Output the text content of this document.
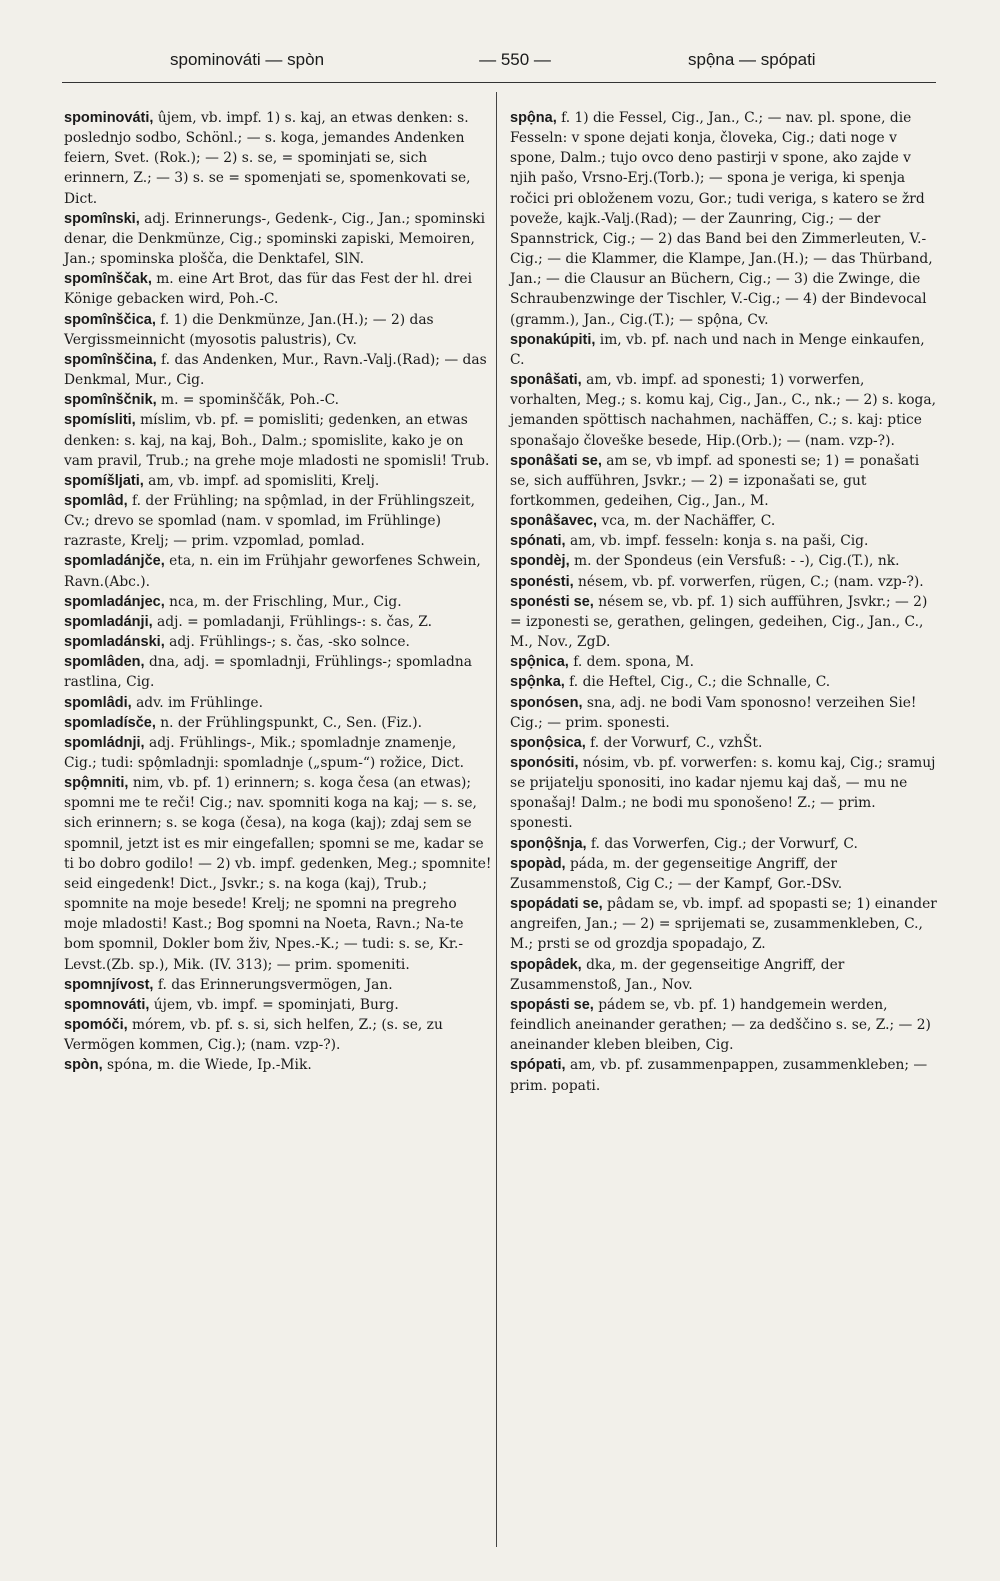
spominováti — spòn	— 550 —	spộna — spópati

spominováti, ûjem, vb. impf. 1) s. kaj, an etwas denken: s. poslednjo sodbo, Schönl.; — s. koga, jemandes Andenken feiern, Svet. (Rok.); — 2) s. se, = spominjati se, sich erinnern, Z.; — 3) s. se = spomenjati se, spomenkovati se, Dict.

spomînski, adj. Erinnerungs-, Gedenk-, Cig., Jan.; spominski denar, die Denkmünze, Cig.; spominski zapiski, Memoiren, Jan.; spominska plošča, die Denktafel, SlN.

spomînščak, m. eine Art Brot, das für das Fest der hl. drei Könige gebacken wird, Poh.-C.

spomînščica, f. 1) die Denkmünze, Jan.(H.); — 2) das Vergissmeinnicht (myosotis palustris), Cv.

spomînščina, f. das Andenken, Mur., Ravn.-Valj.(Rad); — das Denkmal, Mur., Cig.

spomînščnik, m. = spominšča̋k, Poh.-C.

spomísliti, míslim, vb. pf. = pomisliti; gedenken, an etwas denken: s. kaj, na kaj, Boh., Dalm.; spomislite, kako je on vam pravil, Trub.; na grehe moje mladosti ne spomisli! Trub.

spomíšljati, am, vb. impf. ad spomisliti, Krelj.

spomlâd, f. der Frühling; na spộmlad, in der Frühlingszeit, Cv.; drevo se spomlad (nam. v spomlad, im Frühlinge) razraste, Krelj; — prim. vzpomlad, pomlad.

spomladánjče, eta, n. ein im Frühjahr geworfenes Schwein, Ravn.(Abc.).

spomladánjec, nca, m. der Frischling, Mur., Cig.

spomladánji, adj. = pomladanji, Frühlings-: s. čas, Z.

spomladánski, adj. Frühlings-; s. čas, -sko solnce.

spomlâden, dna, adj. = spomladnji, Frühlings-; spomladna rastlina, Cig.

spomlâdi, adv. im Frühlinge.

spomladísče, n. der Frühlingspunkt, C., Sen. (Fiz.).

spomládnji, adj. Frühlings-, Mik.; spomladnje znamenje, Cig.; tudi: spộmladnji: spomladnje („spum-“) rožice, Dict.

spộmniti, nim, vb. pf. 1) erinnern; s. koga česa (an etwas); spomni me te reči! Cig.; nav. spomniti koga na kaj; — s. se, sich erinnern; s. se koga (česa), na koga (kaj); zdaj sem se spomnil, jetzt ist es mir eingefallen; spomni se me, kadar se ti bo dobro godilo! — 2) vb. impf. gedenken, Meg.; spomnite! seid eingedenk! Dict., Jsvkr.; s. na koga (kaj), Trub.; spomnite na moje besede! Krelj; ne spomni na pregreho moje mladosti! Kast.; Bog spomni na Noeta, Ravn.; Na-te bom spomnil, Dokler bom živ, Npes.-K.; — tudi: s. se, Kr.-Levst.(Zb. sp.), Mik. (IV. 313); — prim. spomeniti.

spomnjívost, f. das Erinnerungsvermögen, Jan.

spomnováti, újem, vb. impf. = spominjati, Burg.

spomóči, mórem, vb. pf. s. si, sich helfen, Z.; (s. se, zu Vermögen kommen, Cig.); (nam. vzp-?).

spòn, spóna, m. die Wiede, Ip.-Mik.

spộna, f. 1) die Fessel, Cig., Jan., C.; — nav. pl. spone, die Fesseln: v spone dejati konja, človeka, Cig.; dati noge v spone, Dalm.; tujo ovco deno pastirji v spone, ako zajde v njih pašo, Vrsno-Erj.(Torb.); — spona je veriga, ki spenja ročici pri obloženem vozu, Gor.; tudi veriga, s katero se žrd poveže, kajk.-Valj.(Rad); — der Zaunring, Cig.; — der Spannstrick, Cig.; — 2) das Band bei den Zimmerleuten, V.-Cig.; — die Klammer, die Klampe, Jan.(H.); — das Thürband, Jan.; — die Clausur an Büchern, Cig.; — 3) die Zwinge, die Schraubenzwinge der Tischler, V.-Cig.; — 4) der Bindevocal (gramm.), Jan., Cig.(T.); — spộna, Cv.

sponakúpiti, im, vb. pf. nach und nach in Menge einkaufen, C.

sponâšati, am, vb. impf. ad sponesti; 1) vorwerfen, vorhalten, Meg.; s. komu kaj, Cig., Jan., C., nk.; — 2) s. koga, jemanden spöttisch nachahmen, nachäffen, C.; s. kaj: ptice sponašajo človeške besede, Hip.(Orb.); — (nam. vzp-?).

sponâšati se, am se, vb impf. ad sponesti se; 1) = ponašati se, sich aufführen, Jsvkr.; — 2) = izponašati se, gut fortkommen, gedeihen, Cig., Jan., M.

sponâšavec, vca, m. der Nachäffer, C.

spónati, am, vb. impf. fesseln: konja s. na paši, Cig.

spondèj, m. der Spondeus (ein Versfuß: - -), Cig.(T.), nk.

sponésti, nésem, vb. pf. vorwerfen, rügen, C.; (nam. vzp-?).

sponésti se, nésem se, vb. pf. 1) sich aufführen, Jsvkr.; — 2) = izponesti se, gerathen, gelingen, gedeihen, Cig., Jan., C., M., Nov., ZgD.

spộnica, f. dem. spona, M.

spộnka, f. die Heftel, Cig., C.; die Schnalle, C.

sponósen, sna, adj. ne bodi Vam sponosno! verzeihen Sie! Cig.; — prim. sponesti.

sponộsica, f. der Vorwurf, C., vzhŠt.

sponósiti, nósim, vb. pf. vorwerfen: s. komu kaj, Cig.; sramuj se prijatelju sponositi, ino kadar njemu kaj daš, — mu ne sponašaj! Dalm.; ne bodi mu sponošeno! Z.; — prim. sponesti.

sponộšnja, f. das Vorwerfen, Cig.; der Vorwurf, C.

spopàd, páda, m. der gegenseitige Angriff, der Zusammenstoß, Cig C.; — der Kampf, Gor.-DSv.

spopádati se, pâdam se, vb. impf. ad spopasti se; 1) einander angreifen, Jan.; — 2) = sprijemati se, zusammenkleben, C., M.; prsti se od grozdja spopadajo, Z.

spopâdek, dka, m. der gegenseitige Angriff, der Zusammenstoß, Jan., Nov.

spopásti se, pádem se, vb. pf. 1) handgemein werden, feindlich aneinander gerathen; — za dedščino s. se, Z.; — 2) aneinander kleben bleiben, Cig.

spópati, am, vb. pf. zusammenpappen, zusammenkleben; — prim. popati.
